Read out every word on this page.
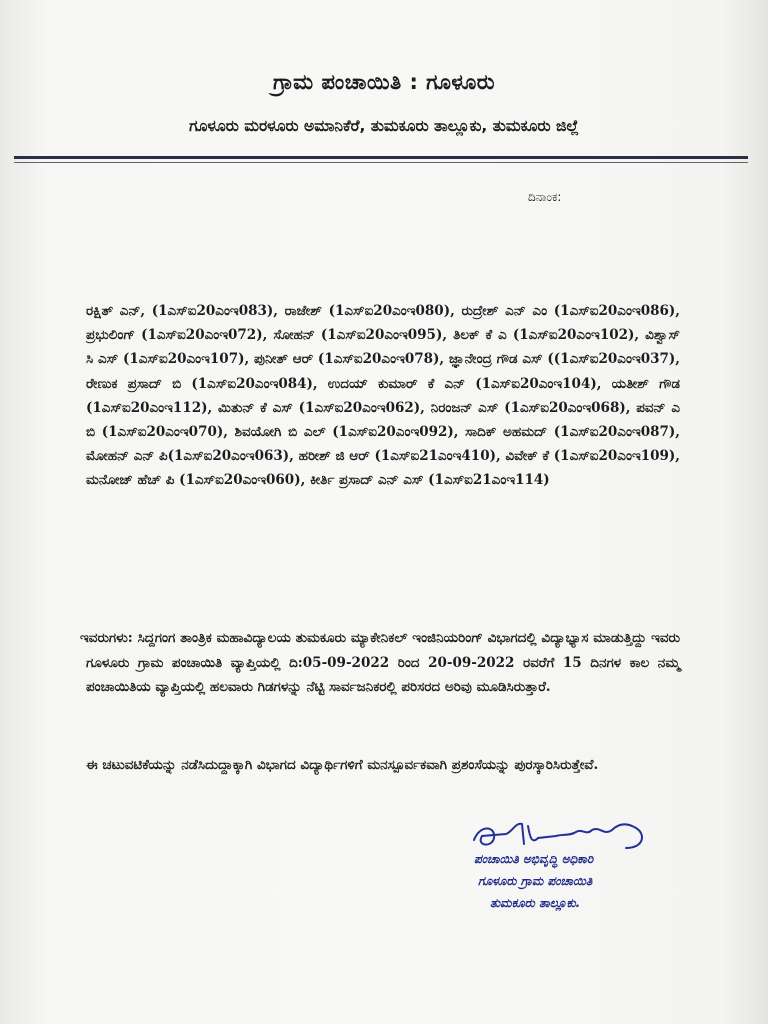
ಗ್ರಾಮ ಪಂಚಾಯಿತಿ : ಗೂಳೂರು
ಗೂಳೂರು ಮರಳೂರು ಅಮಾನಿಕೆರೆ, ತುಮಕೂರು ತಾಲ್ಲೂಕು, ತುಮಕೂರು ಜಿಲ್ಲೆ
ದಿನಾಂಕ:
ರಕ್ಷಿತ್ ಎನ್, (1ಎಸ್ಐ20ಎಂಇ083), ರಾಜೇಶ್ (1ಎಸ್ಐ20ಎಂಇ080), ರುದ್ರೇಶ್ ಎನ್ ಎಂ (1ಎಸ್ಐ20ಎಂಇ086), ಪ್ರಭುಲಿಂಗ್ (1ಎಸ್ಐ20ಎಂಇ072), ಸೋಹನ್ (1ಎಸ್ಐ20ಎಂಇ095), ತಿಲಕ್ ಕೆ ಎ (1ಎಸ್ಐ20ಎಂಇ102), ವಿಶ್ವಾಸ್ ಸಿ ಎಸ್ (1ಎಸ್ಐ20ಎಂಇ107), ಪುನೀತ್ ಆರ್ (1ಎಸ್ಐ20ಎಂಇ078), ಜ್ಞಾನೇಂದ್ರ ಗೌಡ ಎಸ್ ((1ಎಸ್ಐ20ಎಂಇ037), ರೇಣುಕ ಪ್ರಸಾದ್ ಬಿ (1ಎಸ್ಐ20ಎಂಇ084), ಉದಯ್ ಕುಮಾರ್ ಕೆ ಎನ್ (1ಎಸ್ಐ20ಎಂಇ104), ಯತೀಶ್ ಗೌಡ (1ಎಸ್ಐ20ಎಂಇ112), ಮಿತುನ್ ಕೆ ಎಸ್ (1ಎಸ್ಐ20ಎಂಇ062), ನಿರಂಜನ್ ಎಸ್ (1ಎಸ್ಐ20ಎಂಇ068), ಪವನ್ ಎ ಬಿ (1ಎಸ್ಐ20ಎಂಇ070), ಶಿವಯೋಗಿ ಬಿ ಎಲ್ (1ಎಸ್ಐ20ಎಂಇ092), ಸಾದಿಕ್ ಅಹಮದ್ (1ಎಸ್ಐ20ಎಂಇ087), ಮೋಹನ್ ಎನ್ ಪಿ(1ಎಸ್ಐ20ಎಂಇ063), ಹರೀಶ್ ಜಿ ಆರ್ (1ಎಸ್ಐ21ಎಂಇ410), ವಿವೇಕ್ ಕೆ (1ಎಸ್ಐ20ಎಂಇ109), ಮನೋಜ್ ಹೆಚ್ ಪಿ (1ಎಸ್ಐ20ಎಂಇ060), ಕೀರ್ತಿ ಪ್ರಸಾದ್ ಎನ್ ಎಸ್ (1ಎಸ್ಐ21ಎಂಇ114)
ಇವರುಗಳು: ಸಿದ್ದಗಂಗ ತಾಂತ್ರಿಕ ಮಹಾವಿದ್ಯಾಲಯ ತುಮಕೂರು ಮ್ಯಾಕೇನಿಕಲ್ ಇಂಜಿನಿಯರಿಂಗ್ ವಿಭಾಗದಲ್ಲಿ ವಿದ್ಯಾಭ್ಯಾಸ ಮಾಡುತ್ತಿದ್ದು ಇವರು ಗೂಳೂರು ಗ್ರಾಮ ಪಂಚಾಯಿತಿ ವ್ಯಾಪ್ತಿಯಲ್ಲಿ ದಿ:05-09-2022 ರಿಂದ 20-09-2022 ರವರೆಗೆ 15 ದಿನಗಳ ಕಾಲ ನಮ್ಮ ಪಂಚಾಯಿತಿಯ ವ್ಯಾಪ್ತಿಯಲ್ಲಿ ಹಲವಾರು ಗಿಡಗಳನ್ನು ನೆಟ್ಟಿ ಸಾರ್ವಜನಿಕರಲ್ಲಿ ಪರಿಸರದ ಅರಿವು ಮೂಡಿಸಿರುತ್ತಾರೆ.
ಈ ಚಟುವಟಿಕೆಯನ್ನು ನಡೆಸಿದುದ್ದಾಕ್ಕಾಗಿ ವಿಭಾಗದ ವಿದ್ಯಾರ್ಥಿಗಳಿಗೆ ಮನಸ್ಪೂರ್ವಕವಾಗಿ ಪ್ರಶಂಸೆಯನ್ನು ಪುರಸ್ಕಾರಿಸಿರುತ್ತೇವೆ.
ಪಂಚಾಯಿತಿ ಅಭಿವೃದ್ಧಿ ಅಧಿಕಾರಿ
ಗೂಳೂರು ಗ್ರಾಮ ಪಂಚಾಯಿತಿ
ತುಮಕೂರು ತಾಲ್ಲೂಕು.
